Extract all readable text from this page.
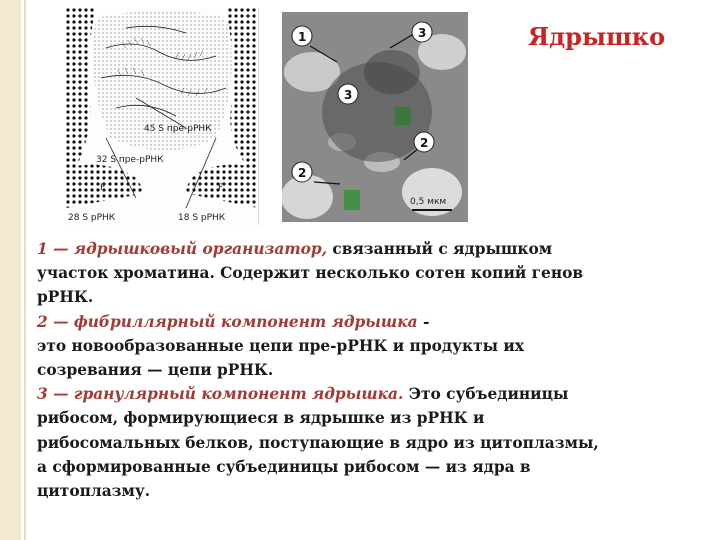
Ядрышко
45 S пре-рРНК
32 S пре-рРНК
28 S рРНК	18 S рРНК
F	F
1
2
3
2
3
0,5 мкм

1 — ядрышковый организатор, связанный с ядрышком

участок хроматина. Содержит несколько сотен копий генов

рРНК.

2 — фибриллярный компонент ядрышка -

это новообразованные цепи пре-рРНК и продукты их

созревания — цепи рРНК.

3 — гранулярный компонент ядрышка. Это субъединицы

рибосом, формирующиеся в ядрышке из рРНК и

рибосомальных белков, поступающие в ядро из цитоплазмы,

а сформированные субъединицы рибосом — из ядра в

цитоплазму.
